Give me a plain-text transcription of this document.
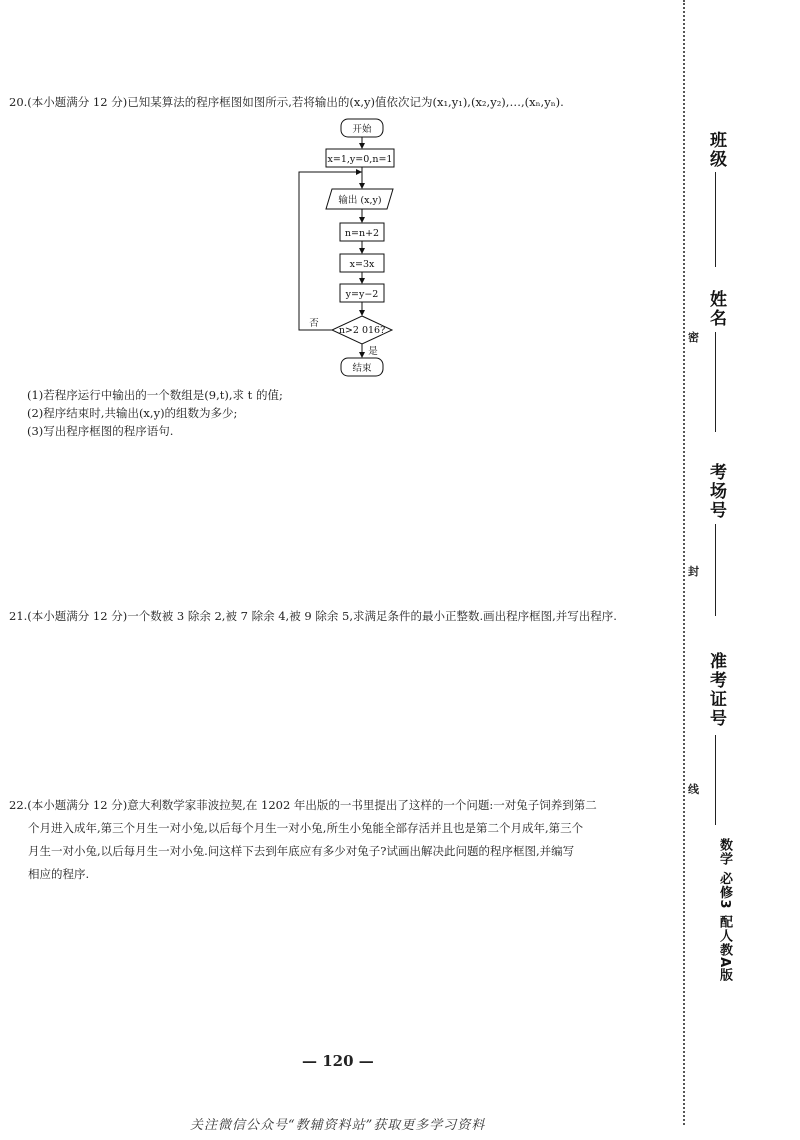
20.(本小题满分 12 分)已知某算法的程序框图如图所示,若将输出的(x,y)值依次记为(x₁,y₁),(x₂,y₂),…,(xₙ,yₙ).
开始
x=1,y=0,n=1
输出 (x,y)
n=n+2
x=3x
y=y−2
n>2 016?
否
是
结束
(1)若程序运行中输出的一个数组是(9,t),求 t 的值;
(2)程序结束时,共输出(x,y)的组数为多少;
(3)写出程序框图的程序语句.
21.(本小题满分 12 分)一个数被 3 除余 2,被 7 除余 4,被 9 除余 5,求满足条件的最小正整数.画出程序框图,并写出程序.
22.(本小题满分 12 分)意大利数学家菲波拉契,在 1202 年出版的一书里提出了这样的一个问题:一对兔子饲养到第二
个月进入成年,第三个月生一对小兔,以后每个月生一对小兔,所生小兔能全部存活并且也是第二个月成年,第三个
月生一对小兔,以后每月生一对小兔.问这样下去到年底应有多少对兔子?试画出解决此问题的程序框图,并编写
相应的程序.
— 120 —
关注微信公众号“教辅资料站”获取更多学习资料
班级
姓名
考场号
准考证号
密
封
线
数学 必修3 配人教A版
